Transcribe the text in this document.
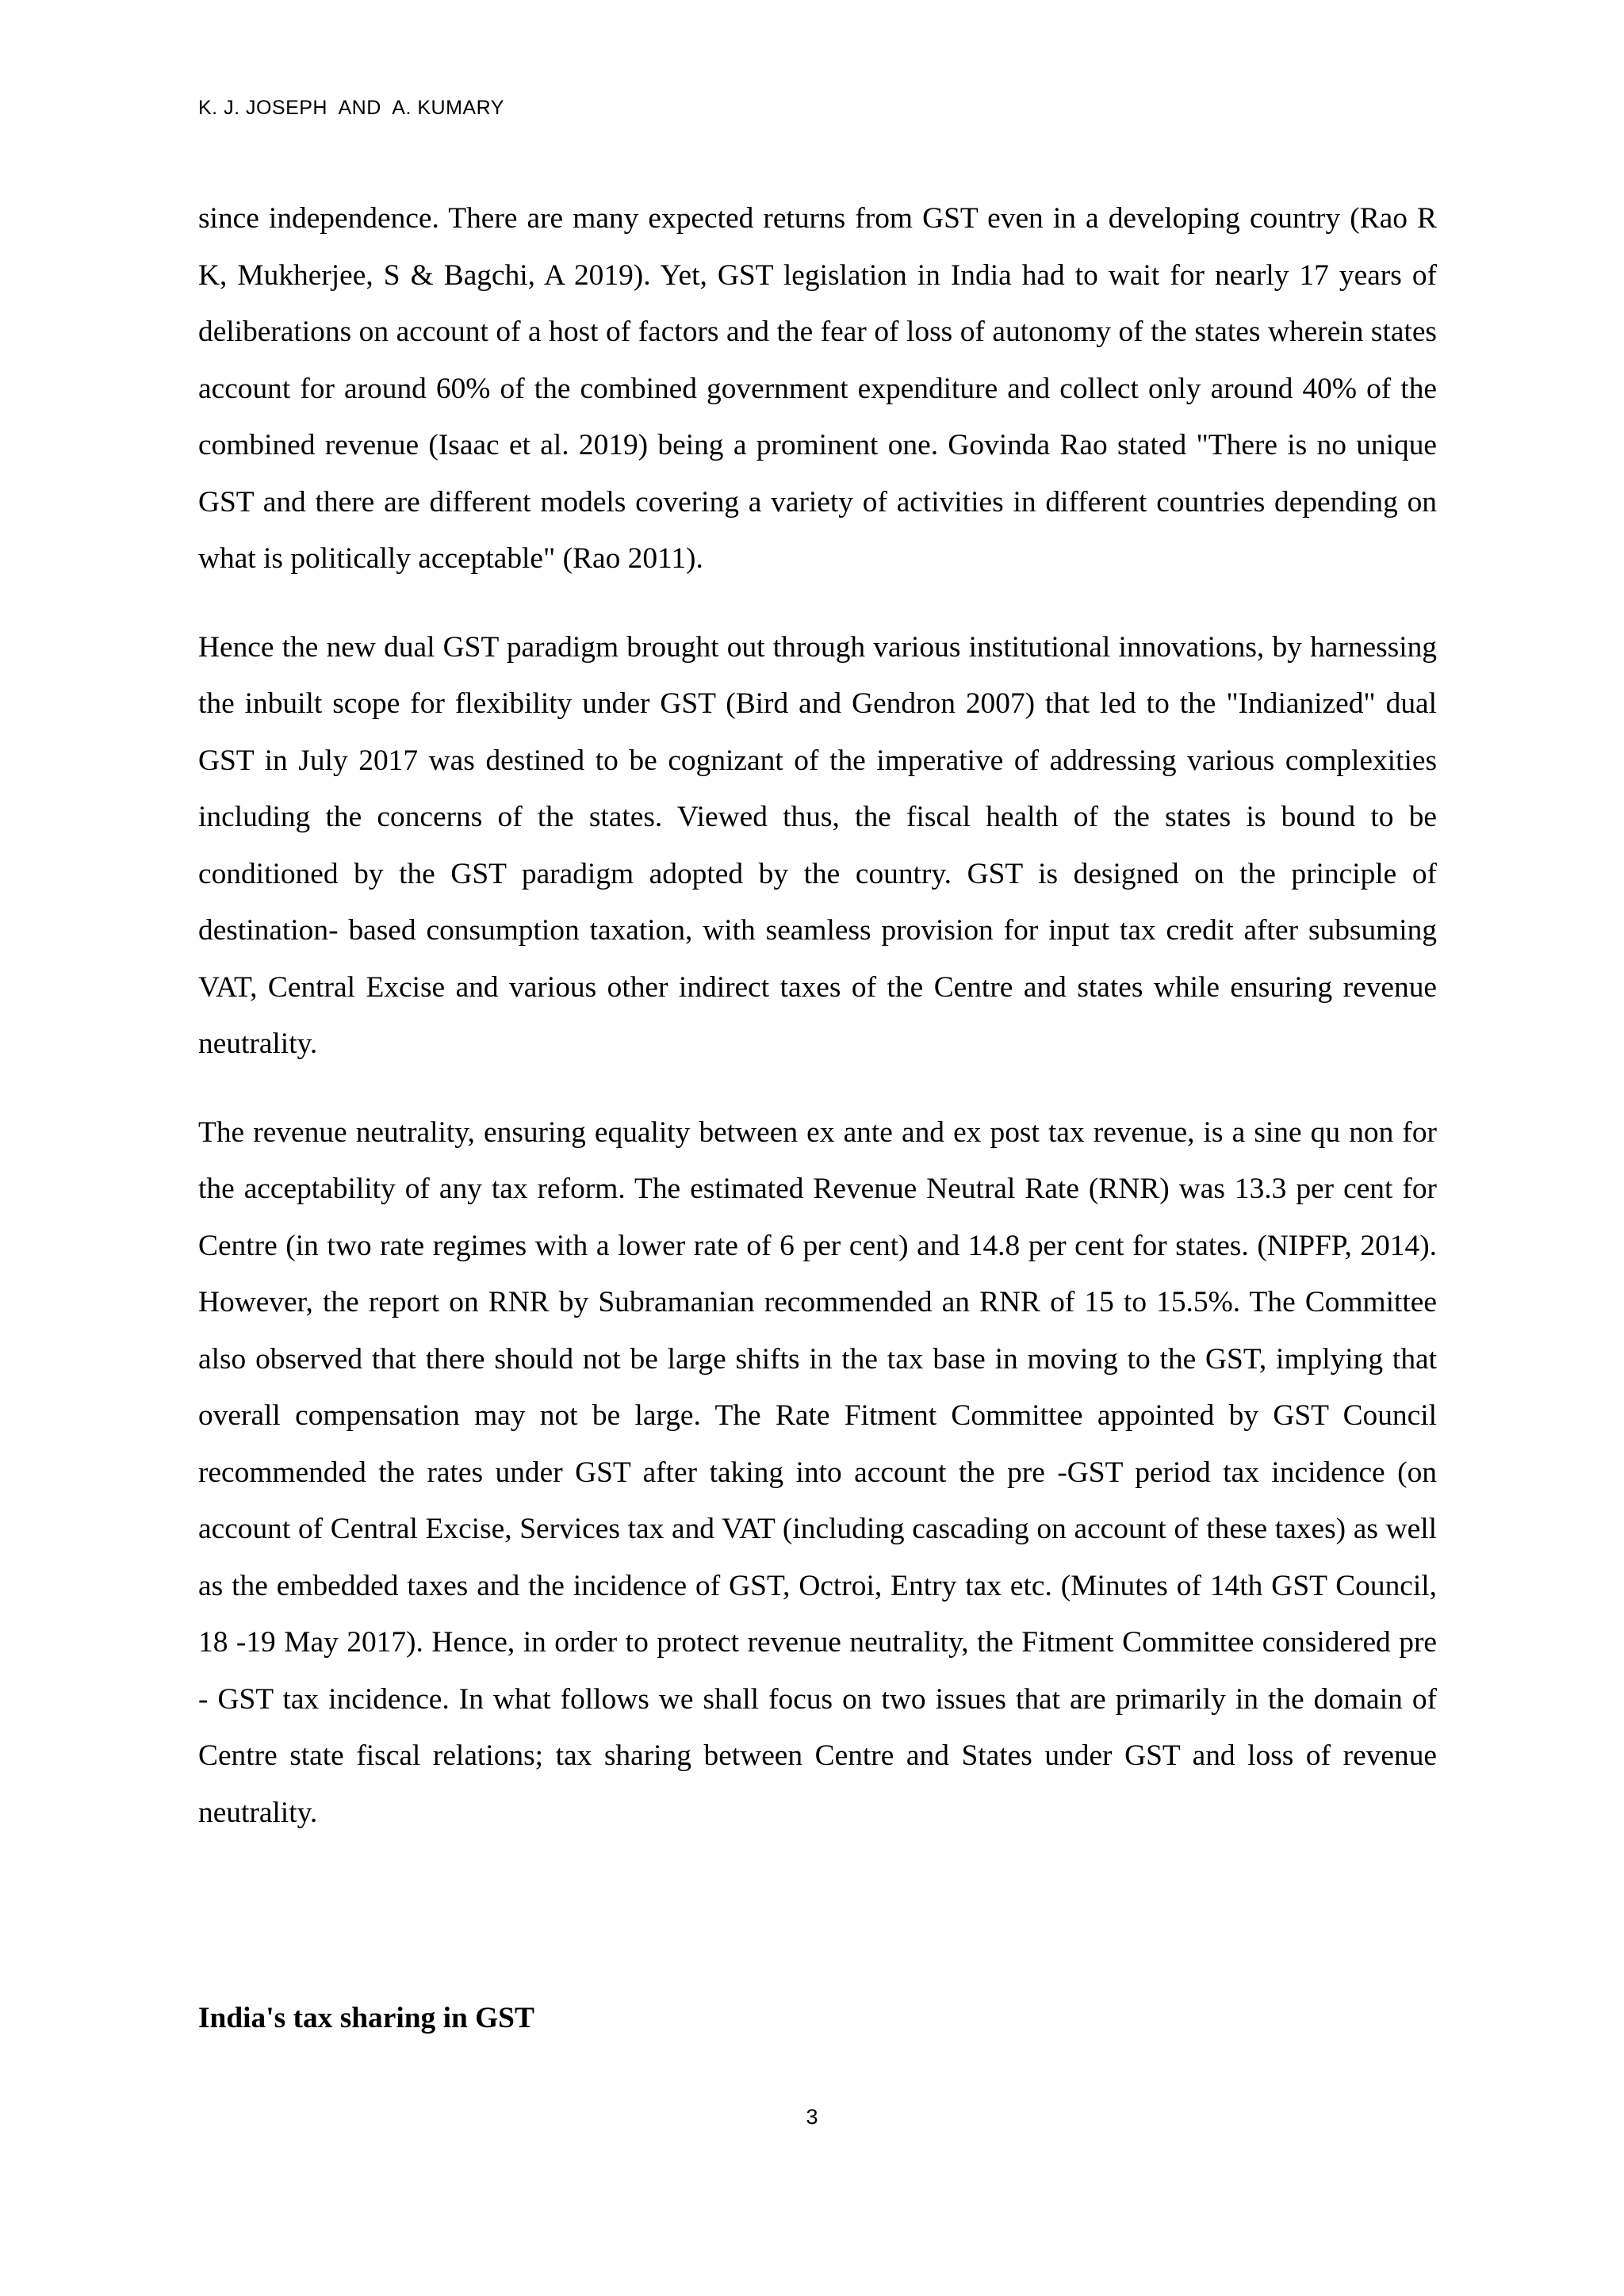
K. J. JOSEPH  AND  A. KUMARY

since independence. There are many expected returns from GST even in a developing country (Rao R K, Mukherjee, S & Bagchi, A 2019). Yet, GST legislation in India had to wait for nearly 17 years of deliberations on account of a host of factors and the fear of loss of autonomy of the states wherein states account for around 60% of the combined government expenditure and collect only around 40% of the combined revenue (Isaac et al. 2019) being a prominent one. Govinda Rao stated "There is no unique GST and there are different models covering a variety of activities in different countries depending on what is politically acceptable" (Rao 2011).

Hence the new dual GST paradigm brought out through various institutional innovations, by harnessing the inbuilt scope for flexibility under GST (Bird and Gendron 2007) that led to the "Indianized" dual GST in July 2017 was destined to be cognizant of the imperative of addressing various complexities including the concerns of the states. Viewed thus, the fiscal health of the states is bound to be conditioned by the GST paradigm adopted by the country. GST is designed on the principle of destination- based consumption taxation, with seamless provision for input tax credit after subsuming VAT, Central Excise and various other indirect taxes of the Centre and states while ensuring revenue neutrality.

The revenue neutrality, ensuring equality between ex ante and ex post tax revenue, is a sine qu non for the acceptability of any tax reform. The estimated Revenue Neutral Rate (RNR) was 13.3 per cent for Centre (in two rate regimes with a lower rate of 6 per cent) and 14.8 per cent for states. (NIPFP, 2014). However, the report on RNR by Subramanian recommended an RNR of 15 to 15.5%. The Committee also observed that there should not be large shifts in the tax base in moving to the GST, implying that overall compensation may not be large. The Rate Fitment Committee appointed by GST Council recommended the rates under GST after taking into account the pre -GST period tax incidence (on account of Central Excise, Services tax and VAT (including cascading on account of these taxes) as well as the embedded taxes and the incidence of GST, Octroi, Entry tax etc. (Minutes of 14th GST Council, 18 -19 May 2017). Hence, in order to protect revenue neutrality, the Fitment Committee considered pre - GST tax incidence. In what follows we shall focus on two issues that are primarily in the domain of Centre state fiscal relations; tax sharing between Centre and States under GST and loss of revenue neutrality.

India's tax sharing in GST
3
